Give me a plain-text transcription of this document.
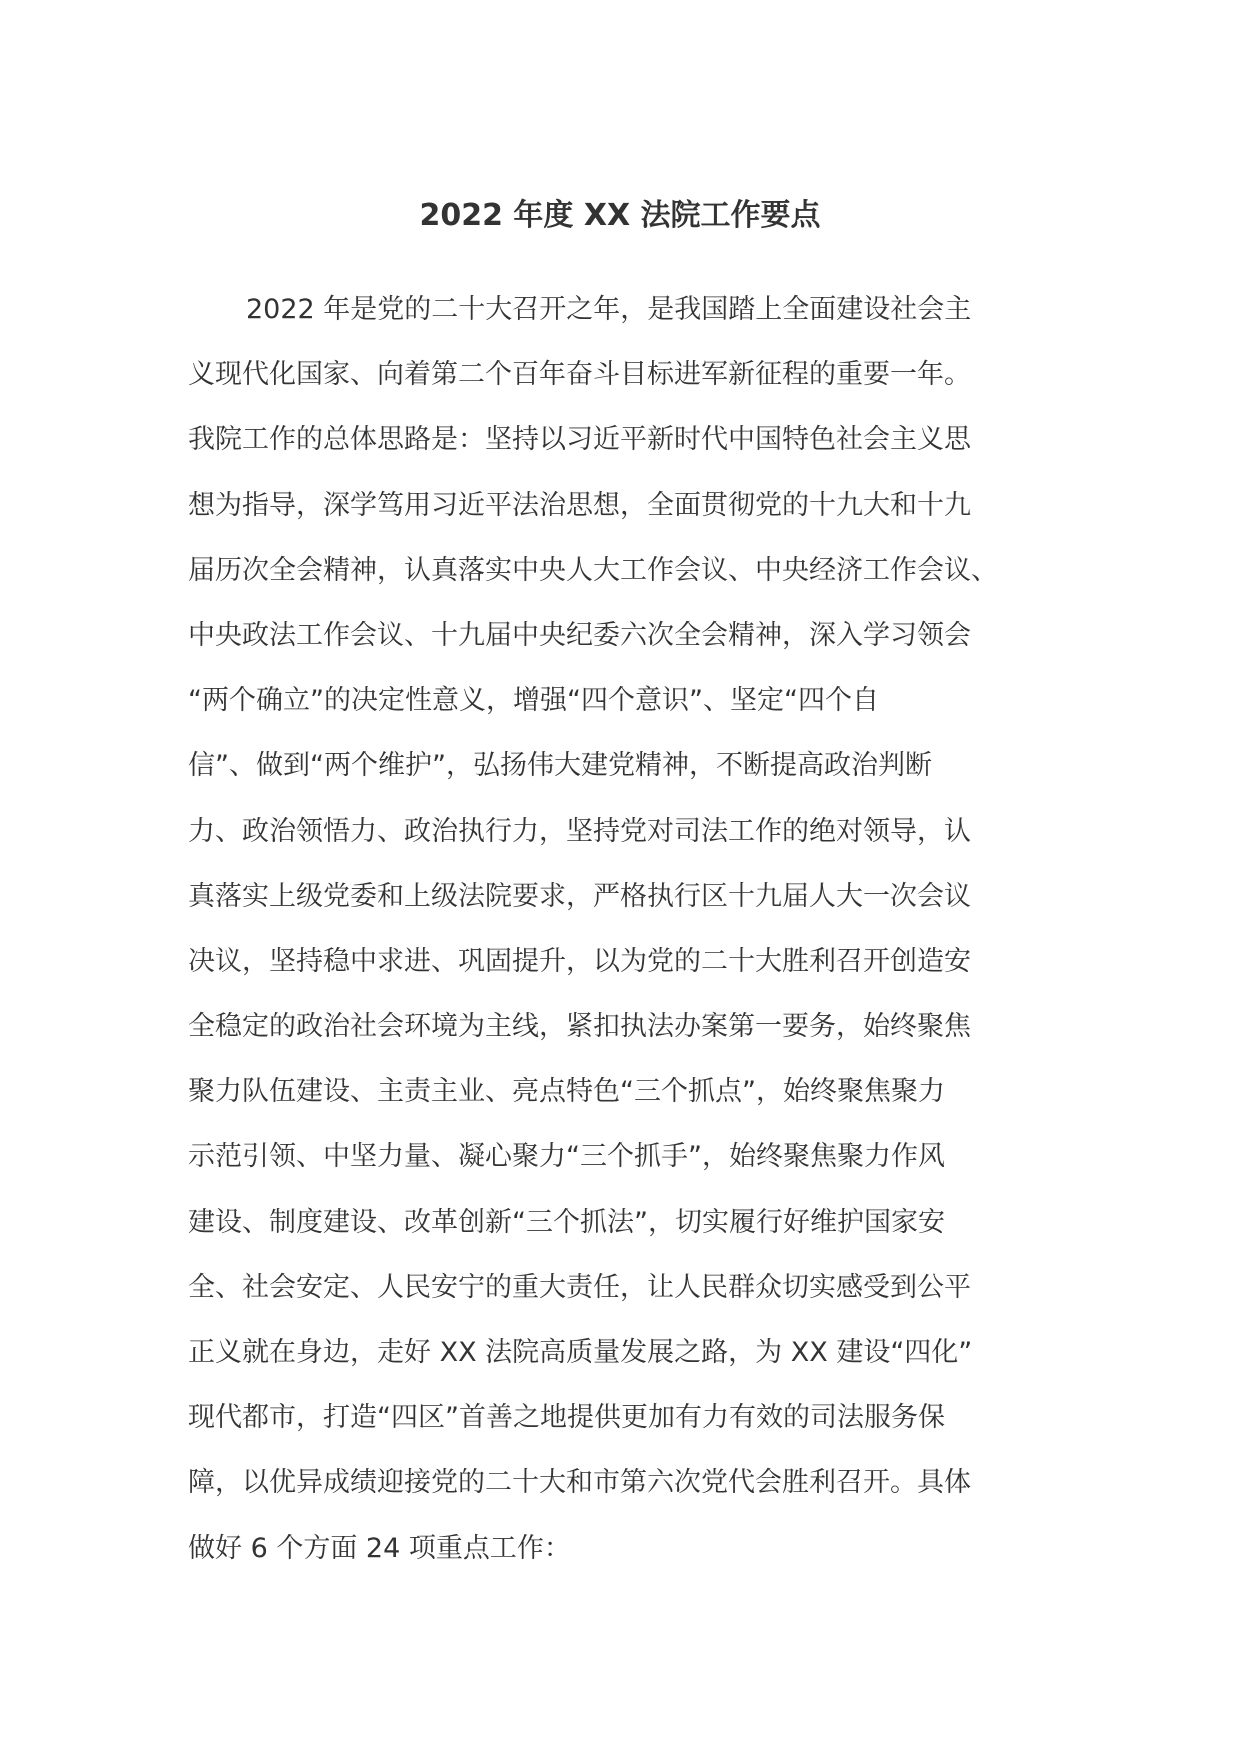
2022 年度 XX 法院工作要点
2022 年是党的二十大召开之年，是我国踏上全面建设社会主
义现代化国家、向着第二个百年奋斗目标进军新征程的重要一年。
我院工作的总体思路是：坚持以习近平新时代中国特色社会主义思
想为指导，深学笃用习近平法治思想，全面贯彻党的十九大和十九
届历次全会精神，认真落实中央人大工作会议、中央经济工作会议、
中央政法工作会议、十九届中央纪委六次全会精神，深入学习领会
“两个确立”的决定性意义，增强“四个意识”、坚定“四个自
信”、做到“两个维护”，弘扬伟大建党精神，不断提高政治判断
力、政治领悟力、政治执行力，坚持党对司法工作的绝对领导，认
真落实上级党委和上级法院要求，严格执行区十九届人大一次会议
决议，坚持稳中求进、巩固提升，以为党的二十大胜利召开创造安
全稳定的政治社会环境为主线，紧扣执法办案第一要务，始终聚焦
聚力队伍建设、主责主业、亮点特色“三个抓点”，始终聚焦聚力
示范引领、中坚力量、凝心聚力“三个抓手”，始终聚焦聚力作风
建设、制度建设、改革创新“三个抓法”，切实履行好维护国家安
全、社会安定、人民安宁的重大责任，让人民群众切实感受到公平
正义就在身边，走好 XX 法院高质量发展之路，为 XX 建设“四化”
现代都市，打造“四区”首善之地提供更加有力有效的司法服务保
障，以优异成绩迎接党的二十大和市第六次党代会胜利召开。具体
做好 6 个方面 24 项重点工作：
